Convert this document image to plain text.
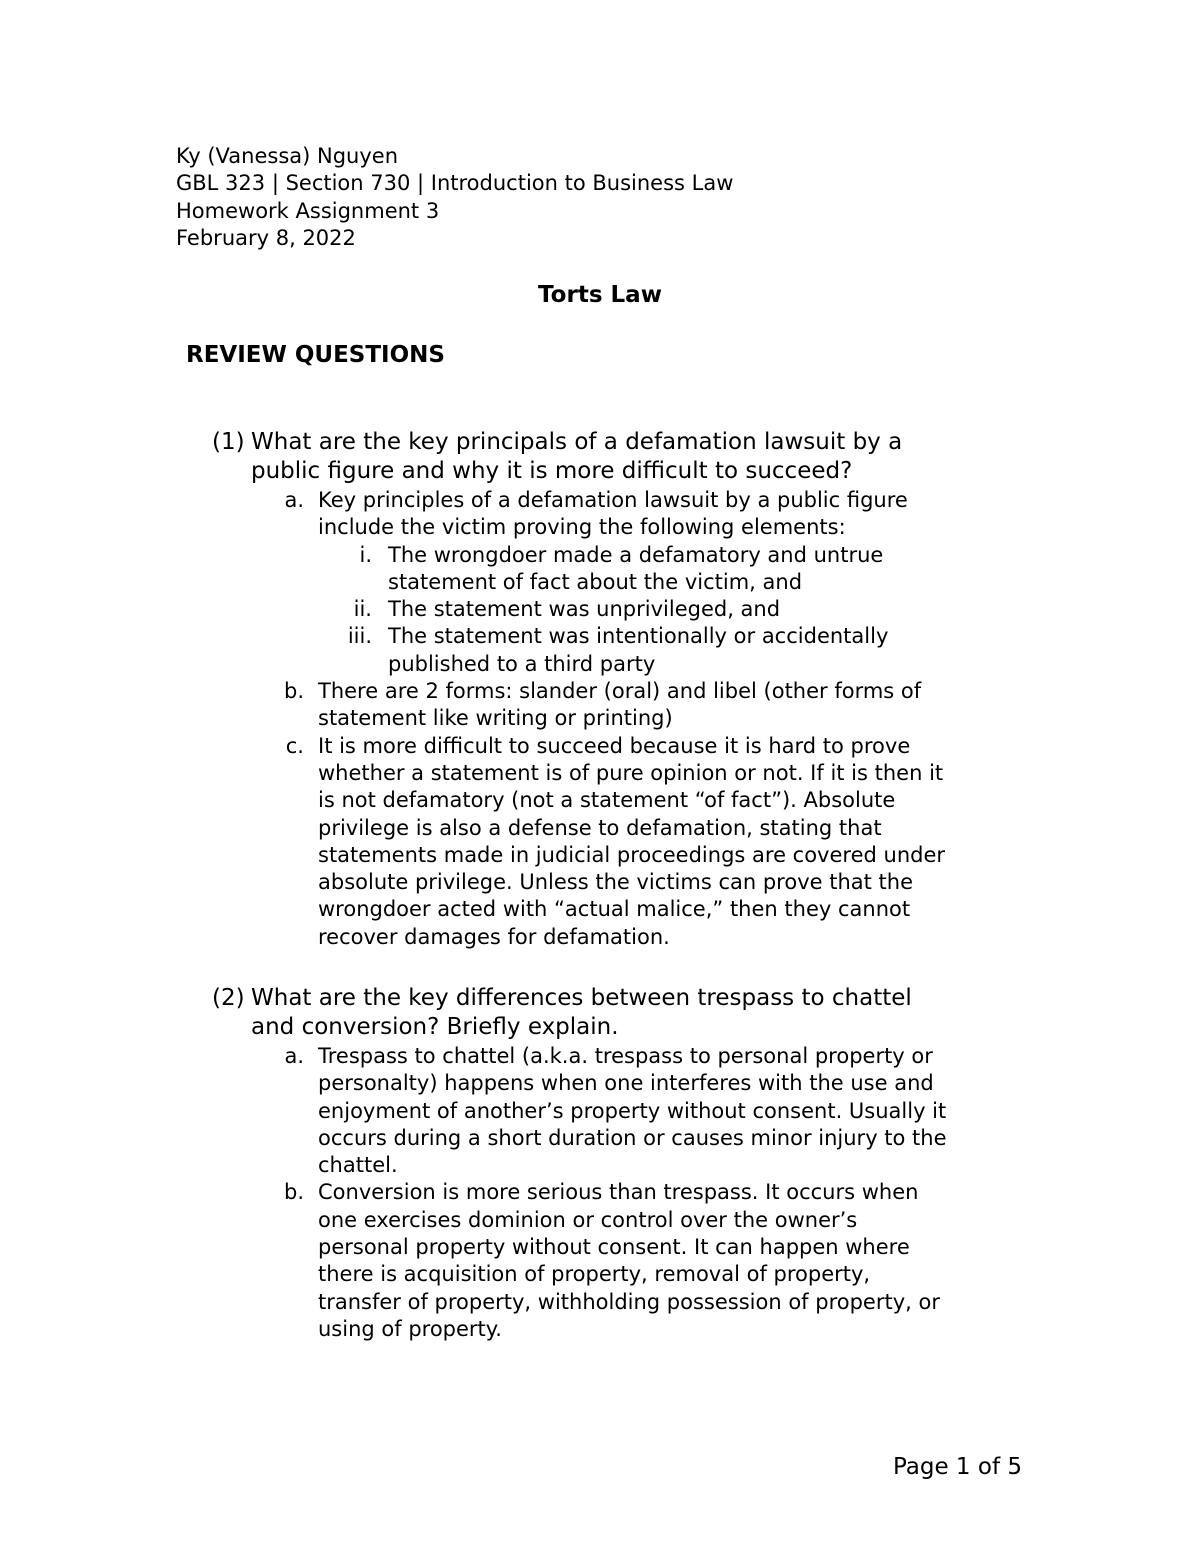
Ky (Vanessa) Nguyen
GBL 323 | Section 730 | Introduction to Business Law
Homework Assignment 3
February 8, 2022
Torts Law
REVIEW QUESTIONS
(1) What are the key principals of a defamation lawsuit by a
public figure and why it is more difficult to succeed?
a. Key principles of a defamation lawsuit by a public figure
include the victim proving the following elements:
i. The wrongdoer made a defamatory and untrue
statement of fact about the victim, and
ii. The statement was unprivileged, and
iii. The statement was intentionally or accidentally
published to a third party
b. There are 2 forms: slander (oral) and libel (other forms of
statement like writing or printing)
c. It is more difficult to succeed because it is hard to prove
whether a statement is of pure opinion or not. If it is then it
is not defamatory (not a statement “of fact”). Absolute
privilege is also a defense to defamation, stating that
statements made in judicial proceedings are covered under
absolute privilege. Unless the victims can prove that the
wrongdoer acted with “actual malice,” then they cannot
recover damages for defamation.
(2) What are the key differences between trespass to chattel
and conversion? Briefly explain.
a. Trespass to chattel (a.k.a. trespass to personal property or
personalty) happens when one interferes with the use and
enjoyment of another’s property without consent. Usually it
occurs during a short duration or causes minor injury to the
chattel.
b. Conversion is more serious than trespass. It occurs when
one exercises dominion or control over the owner’s
personal property without consent. It can happen where
there is acquisition of property, removal of property,
transfer of property, withholding possession of property, or
using of property.
Page 1 of 5
